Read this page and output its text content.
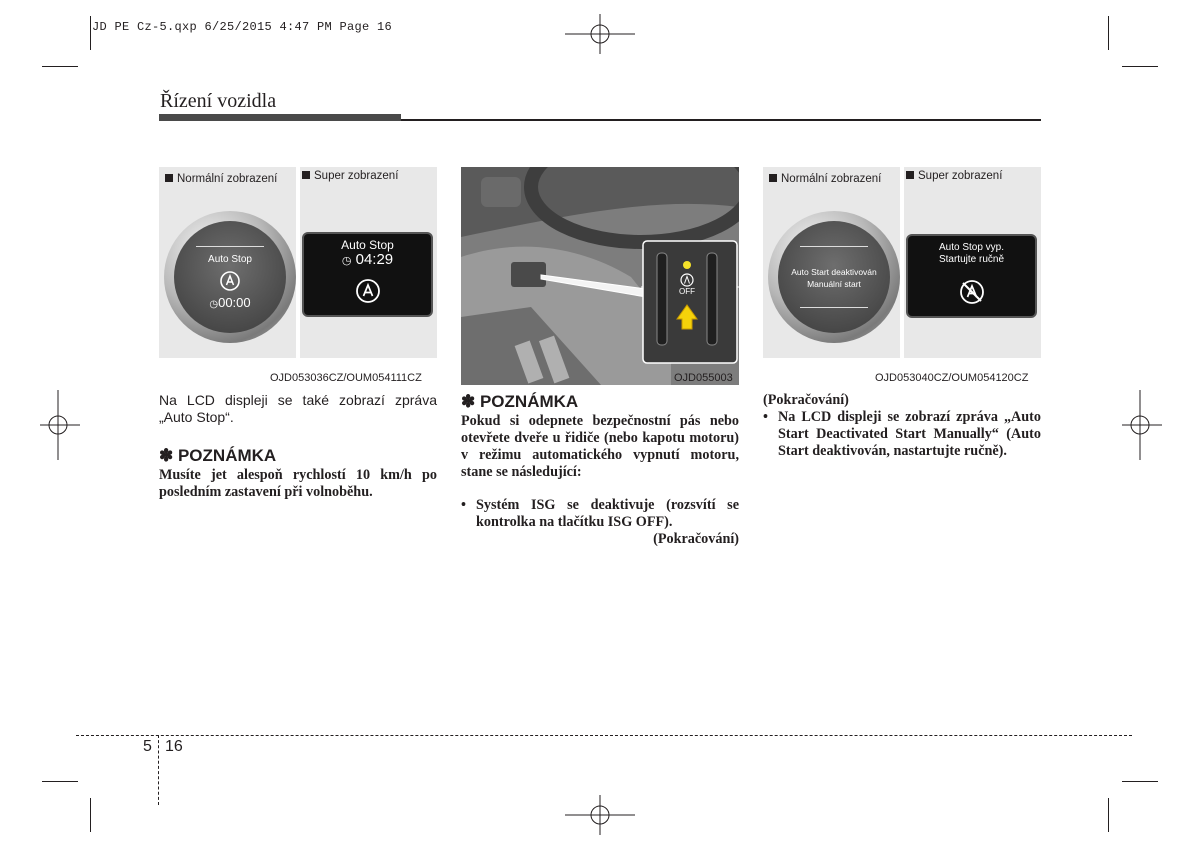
JD PE Cz-5.qxp 6/25/2015 4:47 PM Page 16
Řízení vozidla
Normální zobrazení
Auto Stop
◷00:00
Super zobrazení
Auto Stop
◷ 04:29
OJD053036CZ/OUM054111CZ
OFF
OJD055003
Normální zobrazení
Auto Start deaktivován
Manuální start
Super zobrazení
Auto Stop vyp.
Startujte ručně
OJD053040CZ/OUM054120CZ
Na LCD displeji se také zobrazí zpráva „Auto Stop“.
✽ POZNÁMKA
Musíte jet alespoň rychlostí 10 km/h po posledním zastavení při volnoběhu.
✽ POZNÁMKA
Pokud si odepnete bezpečnostní pás nebo otevřete dveře u řidiče (nebo kapotu motoru) v režimu automatického vypnutí motoru, stane se následující:
• Systém ISG se deaktivuje (rozsvítí se kontrolka na tlačítku ISG OFF).
(Pokračování)
(Pokračování)
• Na LCD displeji se zobrazí zpráva „Auto Start Deactivated Start Manually“ (Auto Start deaktivován, nastartujte ručně).
5 16
